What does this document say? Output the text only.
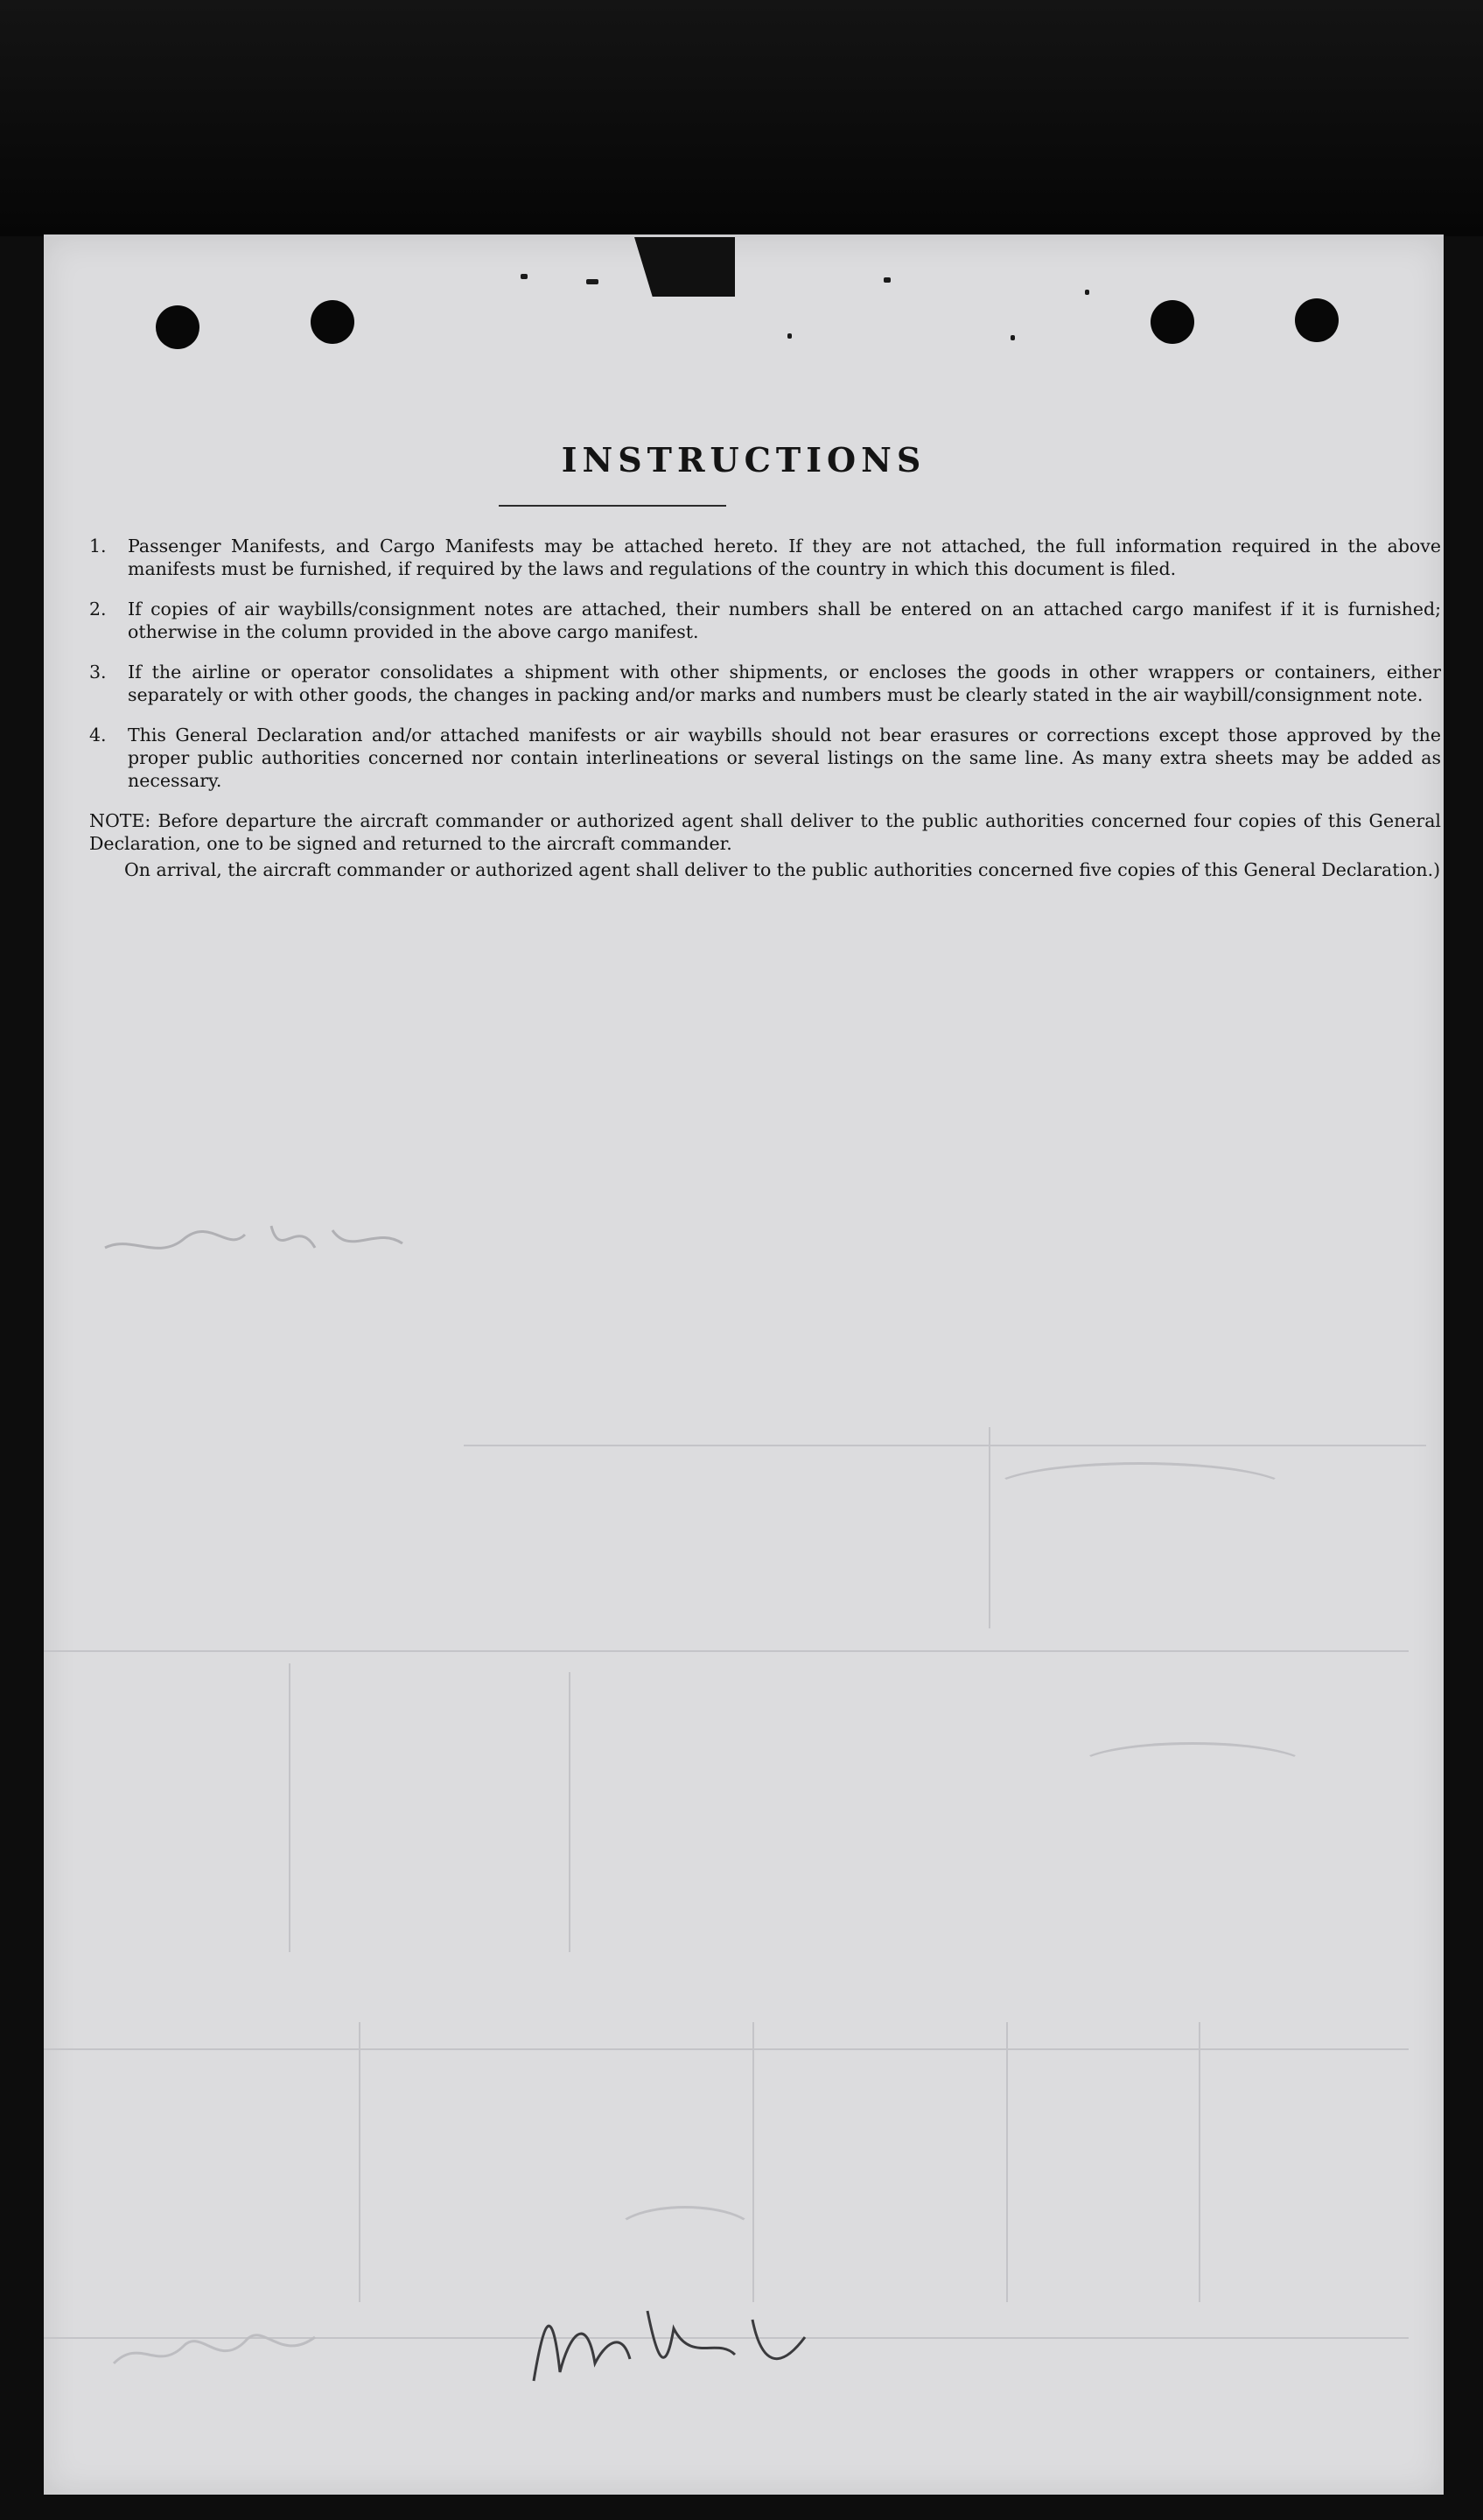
INSTRUCTIONS
1. Passenger Manifests, and Cargo Manifests may be attached hereto. If they are not attached, the full information required in the above manifests must be furnished, if required by the laws and regulations of the country in which this document is filed.
2. If copies of air waybills/consignment notes are attached, their numbers shall be entered on an attached cargo manifest if it is furnished; otherwise in the column provided in the above cargo manifest.
3. If the airline or operator consolidates a shipment with other shipments, or encloses the goods in other wrappers or containers, either separately or with other goods, the changes in packing and/or marks and numbers must be clearly stated in the air waybill/consignment note.
4. This General Declaration and/or attached manifests or air waybills should not bear erasures or corrections except those approved by the proper public authorities concerned nor contain interlineations or several listings on the same line. As many extra sheets may be added as necessary.
NOTE: Before departure the aircraft commander or authorized agent shall deliver to the public authorities concerned four copies of this General Declaration, one to be signed and returned to the aircraft commander.
On arrival, the aircraft commander or authorized agent shall deliver to the public authorities concerned five copies of this General Declaration.)
